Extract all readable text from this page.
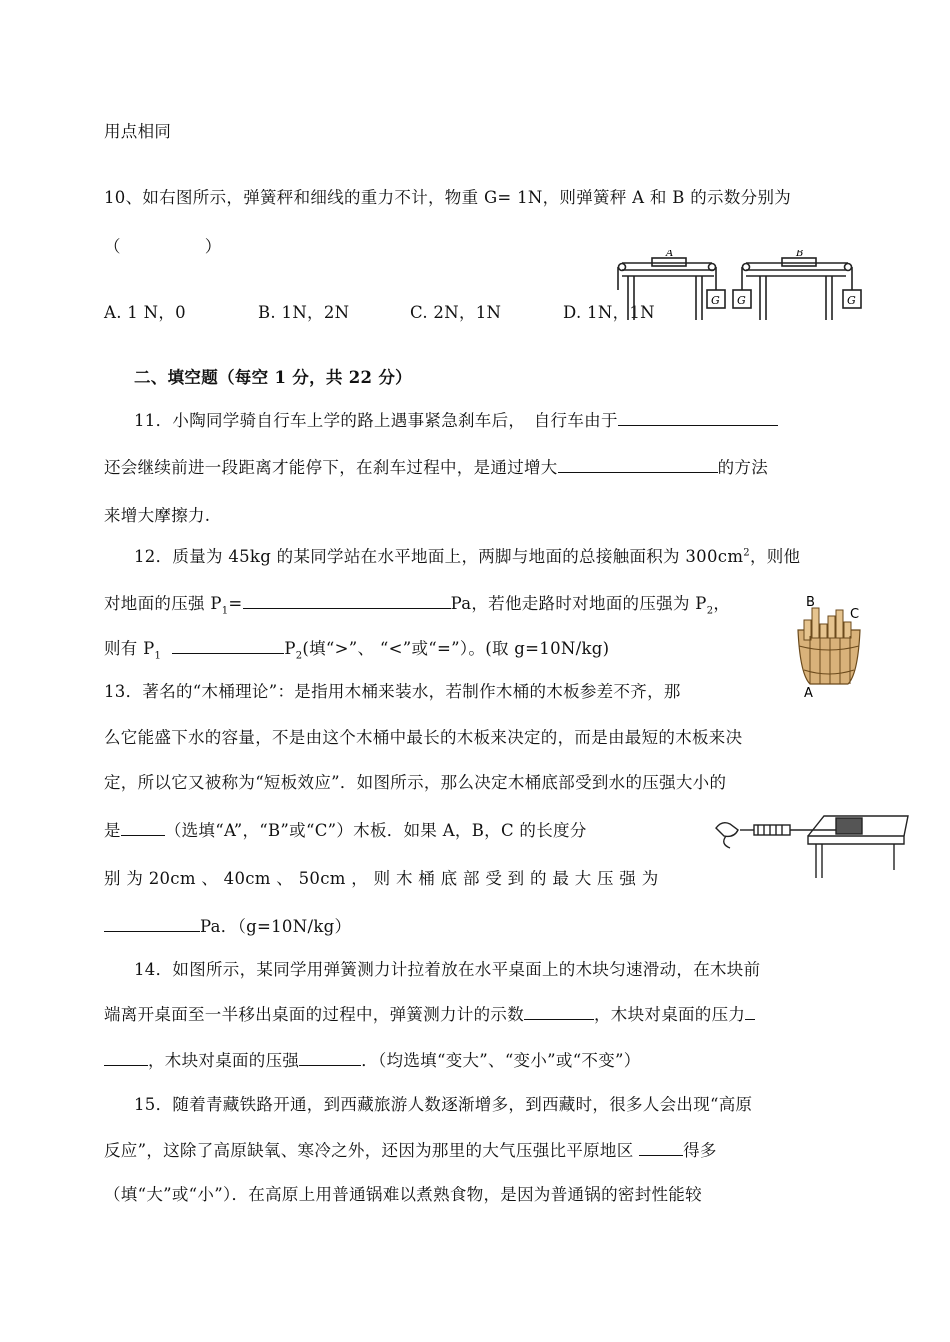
用点相同
10、如右图所示，弹簧秤和细线的重力不计，物重 G= 1N，则弹簧秤 A 和 B 的示数分别为
（　　　　　）
A. 1 N，0	B. 1N，2N	C. 2N，1N	D. 1N，1N
A	B
G G	G
二、填空题（每空 1 分，共 22 分）
11．小陶同学骑自行车上学的路上遇事紧急刹车后，　自行车由于
还会继续前进一段距离才能停下，在刹车过程中，是通过增大	的方法
来增大摩擦力.
12．质量为 45kg 的某同学站在水平地面上，两脚与地面的总接触面积为 $300cm^2$，则他
对地面的压强 $P_1=$	Pa，若他走路时对地面的压强为 $P_2$，
则有 $P_1$	$P_2$(填“>”、 “<”或“=”）。(取 g=10N/kg)
B
C
A
13．著名的“木桶理论”：是指用木桶来装水，若制作木桶的木板参差不齐，那
么它能盛下水的容量，不是由这个木桶中最长的木板来决定的，而是由最短的木板来决
定，所以它又被称为“短板效应”．如图所示，那么决定木桶底部受到水的压强大小的
是	（选填“A”，“B”或“C”）木板．如果 A，B，C 的长度分
别 为 20cm 、 40cm 、 50cm ， 则 木 桶 底 部 受 到 的 最 大 压 强 为
Pa．（g=10N/kg）
14．如图所示，某同学用弹簧测力计拉着放在水平桌面上的木块匀速滑动，在木块前
端离开桌面至一半移出桌面的过程中，弹簧测力计的示数	，木块对桌面的压力
，木块对桌面的压强	．（均选填“变大”、“变小”或“不变”）
15．随着青藏铁路开通，到西藏旅游人数逐渐增多，到西藏时，很多人会出现“高原
反应”，这除了高原缺氧、寒冷之外，还因为那里的大气压强比平原地区	得多
（填“大”或“小”）．在高原上用普通锅难以煮熟食物，是因为普通锅的密封性能较
